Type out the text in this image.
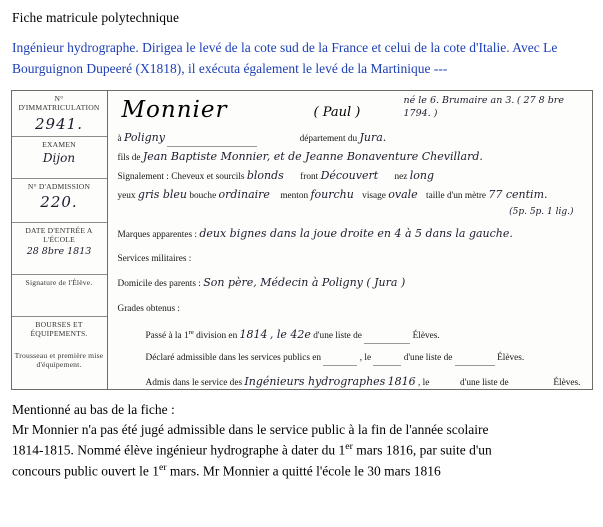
Fiche matricule polytechnique
Ingénieur hydrographe. Dirigea le levé de la cote sud de la France et celui de la cote d'Italie. Avec Le Bourguignon Dupeeré (X1818), il exécuta également le levé de la Martinique ---
N° D'IMMATRICULATION
2941.
EXAMEN
Dijon
N° D'ADMISSION
220.
DATE D'ENTRÉE A L'ÉCOLE
28 8bre 1813
Signature de l'Élève.
BOURSES ET ÉQUIPEMENTS.
Trousseau et première mise d'équipement.
Monnier	( Paul )
né le 6. Brumaire an 3. ( 27 8 bre 1794. )
à Poligny	département du Jura.
fils de Jean Baptiste Monnier, et de Jeanne Bonaventure Chevillard.
Signalement : Cheveux et sourcils blonds front Découvert nez long
yeux gris bleu bouche ordinaire menton fourchu visage ovale taille d'un mètre 77 centim.
(5p. 5p. 1 lig.)
Marques apparentes : deux bignes dans la joue droite en 4 à 5 dans la gauche.
Services militaires :
Domicile des parents : Son père, Médecin à Poligny ( Jura )
Grades obtenus :
Passé à la 1re division en 1814 , le 42e d'une liste de	Élèves.
Déclaré admissible dans les services publics en	, le	d'une liste de	Élèves.
Admis dans le service des Ingénieurs hydrographes 1816 , le	d'une liste de	Élèves.
Mentionné au bas de la fiche :
Mr Monnier n'a pas été jugé admissible dans le service public à la fin de l'année scolaire
1814-1815. Nommé élève ingénieur hydrographe à dater du 1er mars 1816, par suite d'un
concours public ouvert le 1er mars. Mr Monnier a quitté l'école le 30 mars 1816
